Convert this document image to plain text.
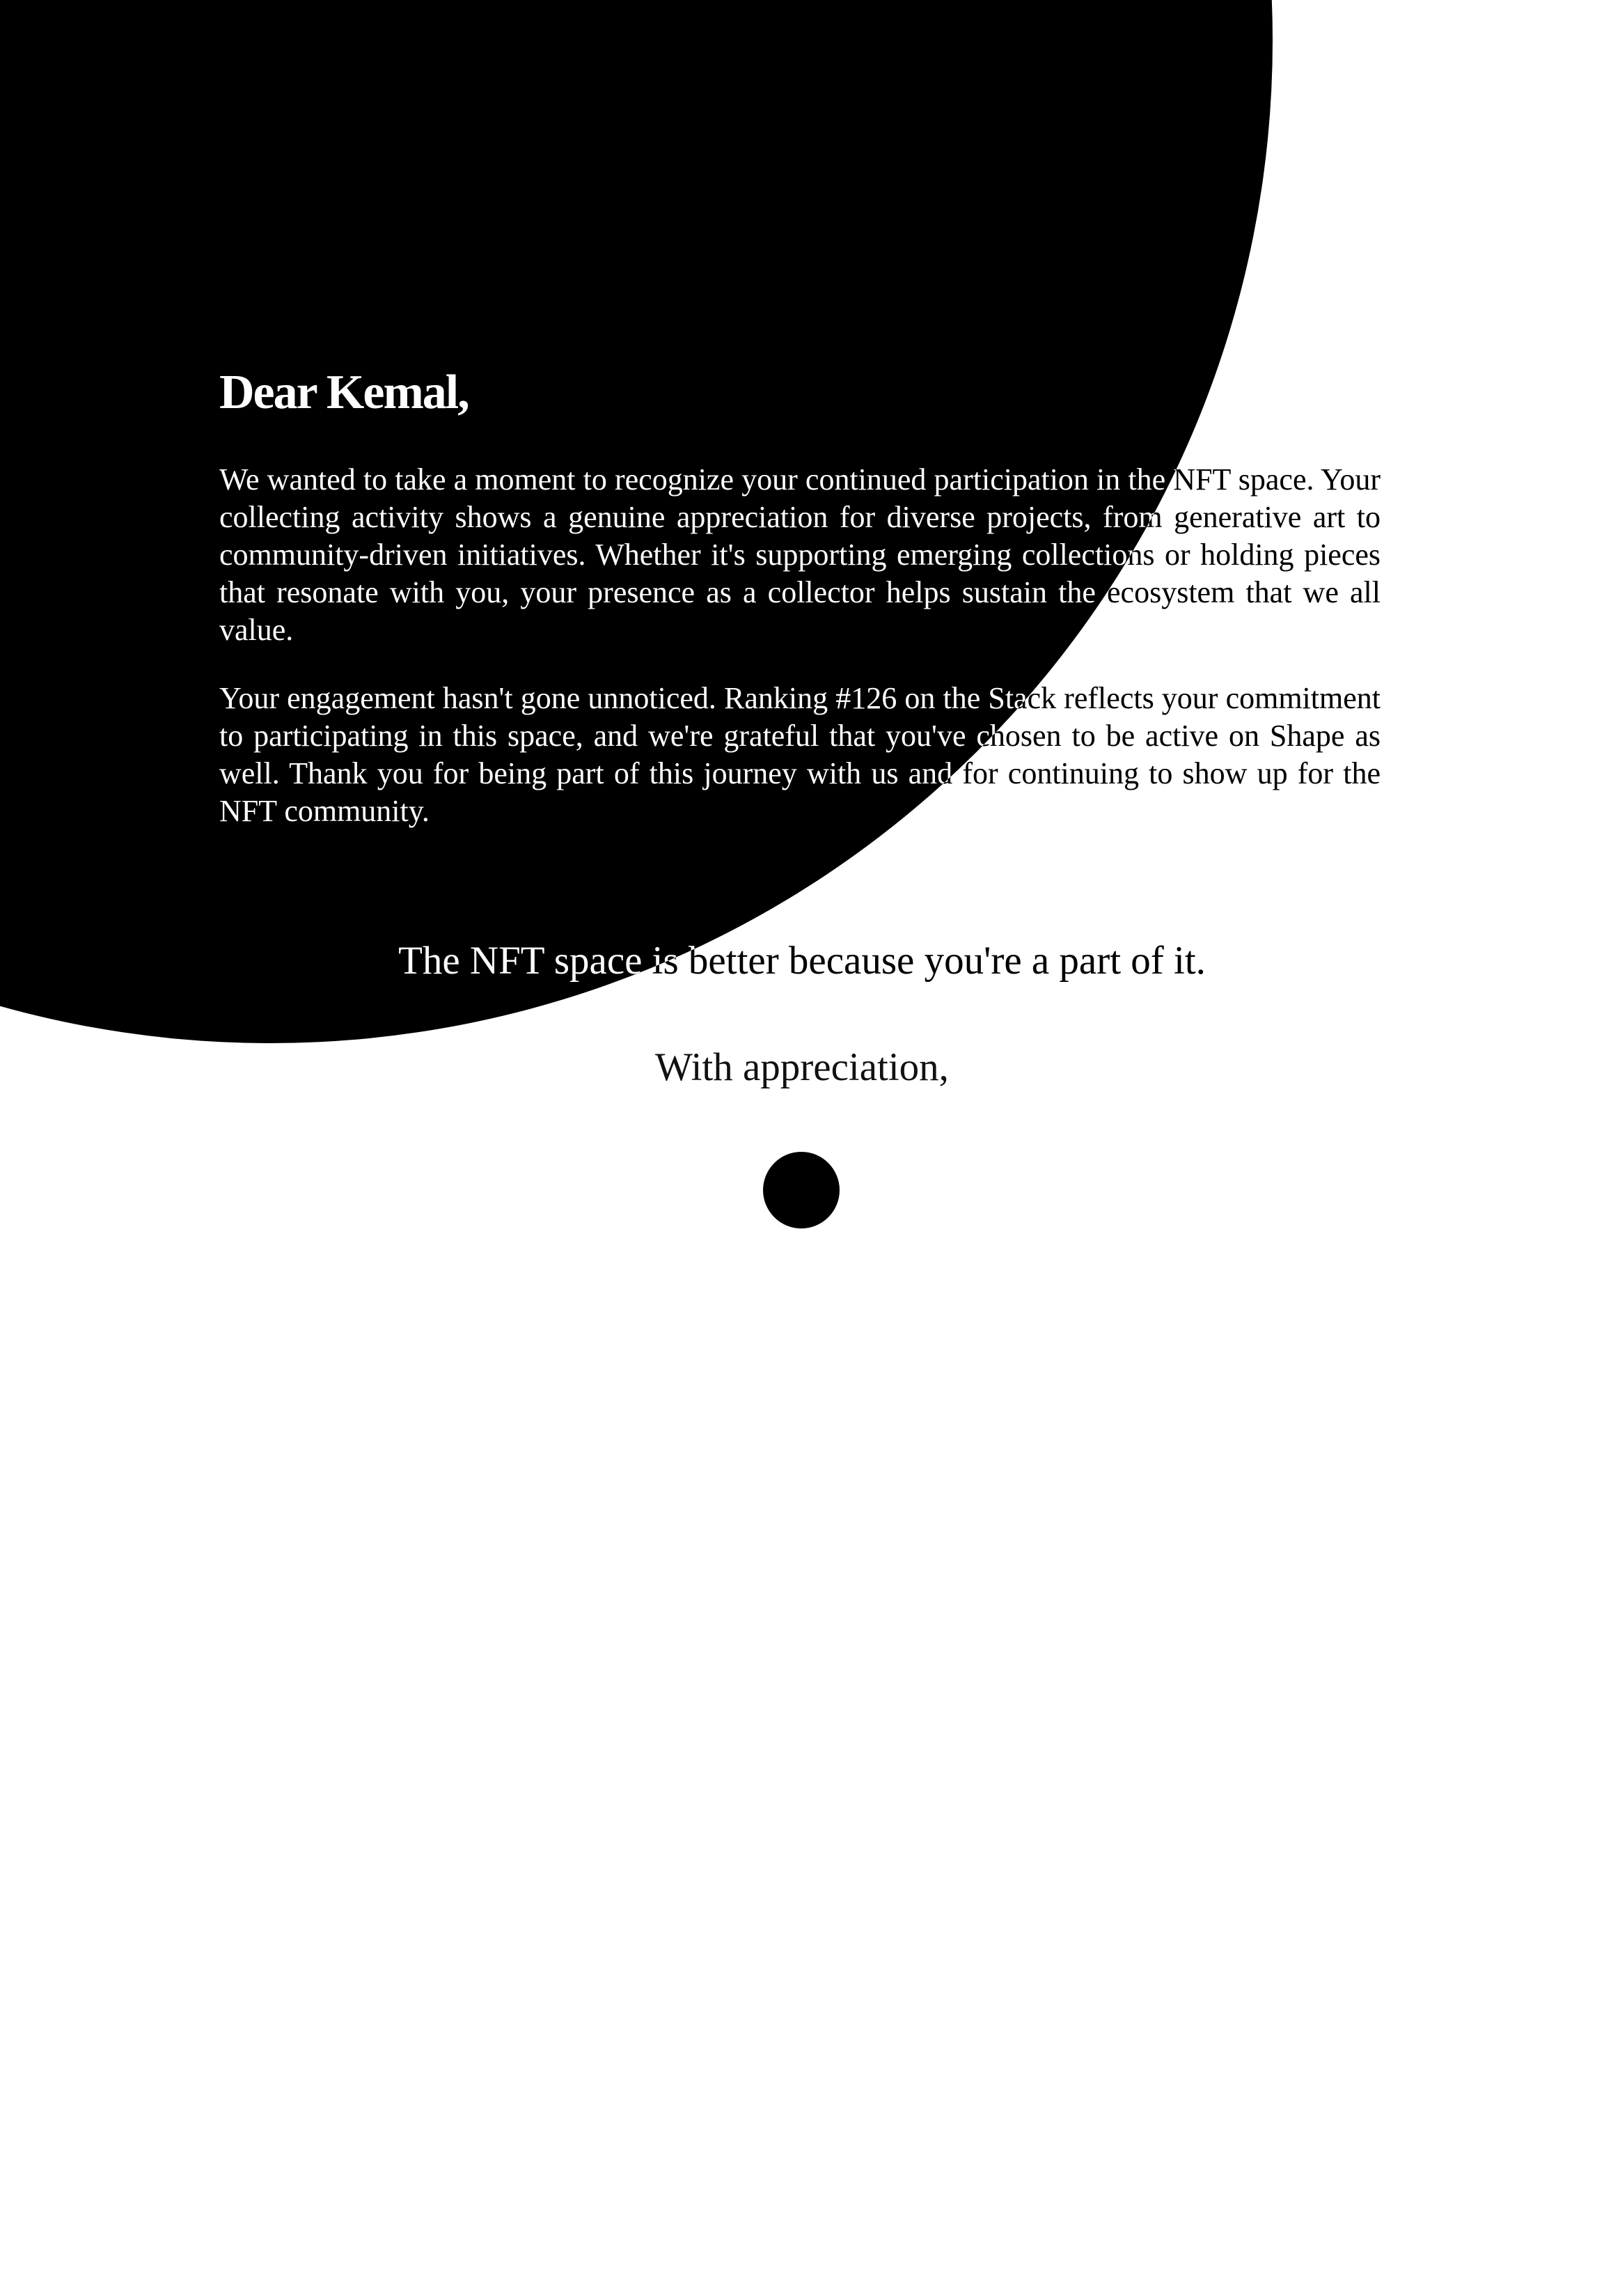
Dear Kemal,

We wanted to take a moment to recognize your continued participation in the NFT space. Your collecting activity shows a genuine appreciation for diverse projects, from generative art to community-driven initiatives. Whether it's supporting emerging collections or holding pieces that resonate with you, your presence as a collector helps sustain the ecosystem that we all value.

Your engagement hasn't gone unnoticed. Ranking #126 on the Stack reflects your commitment to participating in this space, and we're grateful that you've chosen to be active on Shape as well. Thank you for being part of this journey with us and for continuing to show up for the NFT community.

The NFT space is better because you're a part of it.
With appreciation,
